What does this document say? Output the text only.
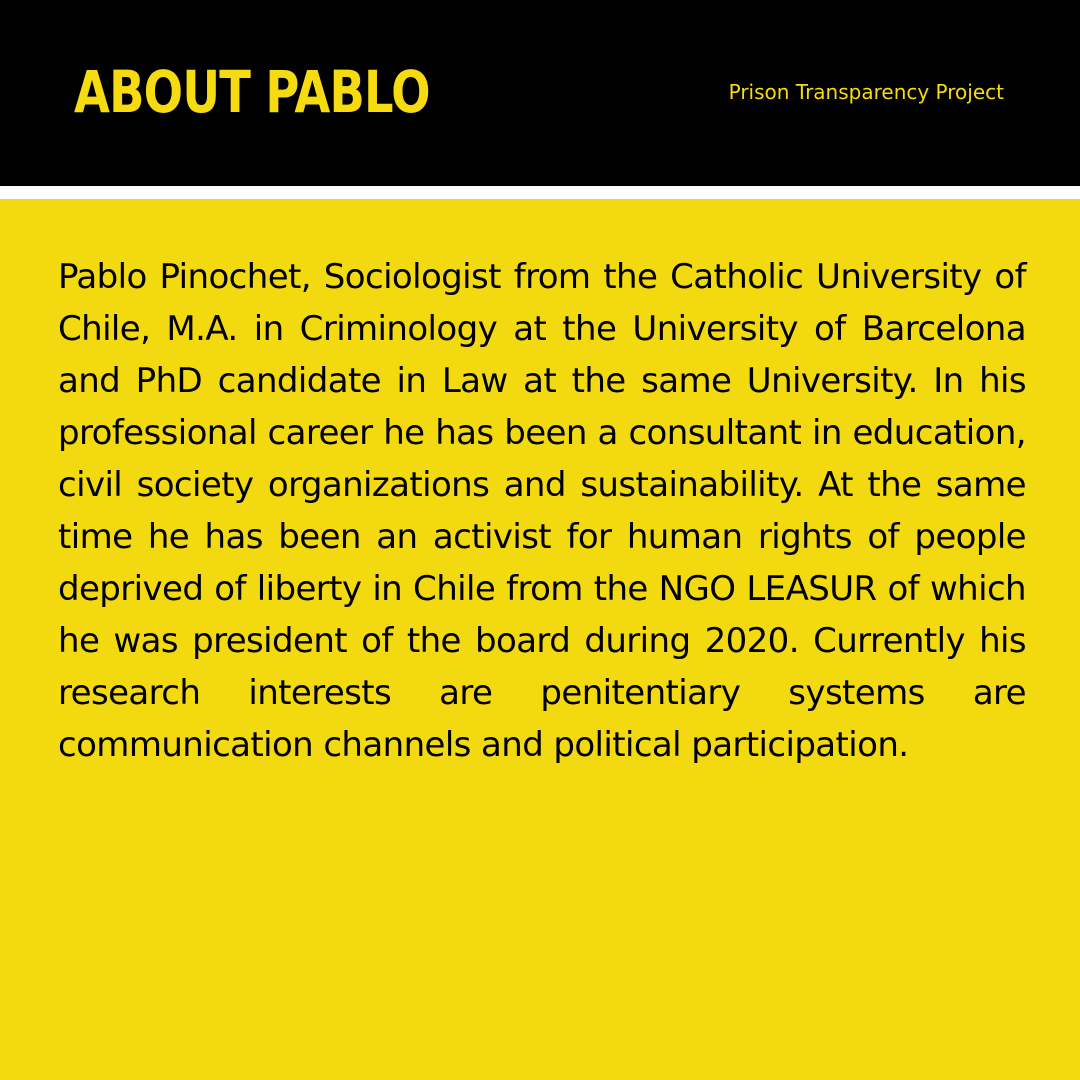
ABOUT PABLO	Prison Transparency Project

Pablo Pinochet, Sociologist from the Catholic University of Chile, M.A. in Criminology at the University of Barcelona and PhD candidate in Law at the same University. In his professional career he has been a consultant in education, civil society organizations and sustainability. At the same time he has been an activist for human rights of people deprived of liberty in Chile from the NGO LEASUR of which he was president of the board during 2020. Currently his research interests are penitentiary systems are communication channels and political participation.
